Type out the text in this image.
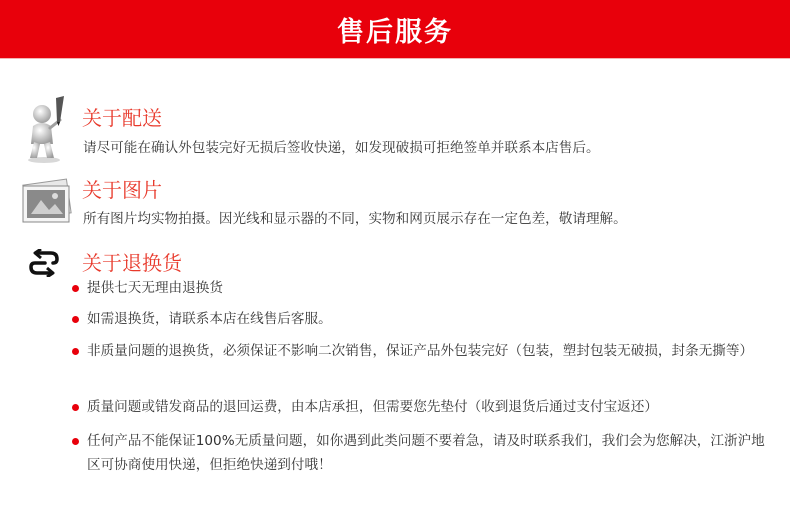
售后服务
关于配送
请尽可能在确认外包装完好无损后签收快递，如发现破损可拒绝签单并联系本店售后。
关于图片
所有图片均实物拍摄。因光线和显示器的不同，实物和网页展示存在一定色差，敬请理解。
关于退换货
提供七天无理由退换货
如需退换货，请联系本店在线售后客服。
非质量问题的退换货，必须保证不影响二次销售，保证产品外包装完好（包装，塑封包装无破损，封条无撕等）
质量问题或错发商品的退回运费，由本店承担，但需要您先垫付（收到退货后通过支付宝返还）
任何产品不能保证100%无质量问题，如你遇到此类问题不要着急，请及时联系我们，我们会为您解决，江浙沪地区可协商使用快递，但拒绝快递到付哦！
